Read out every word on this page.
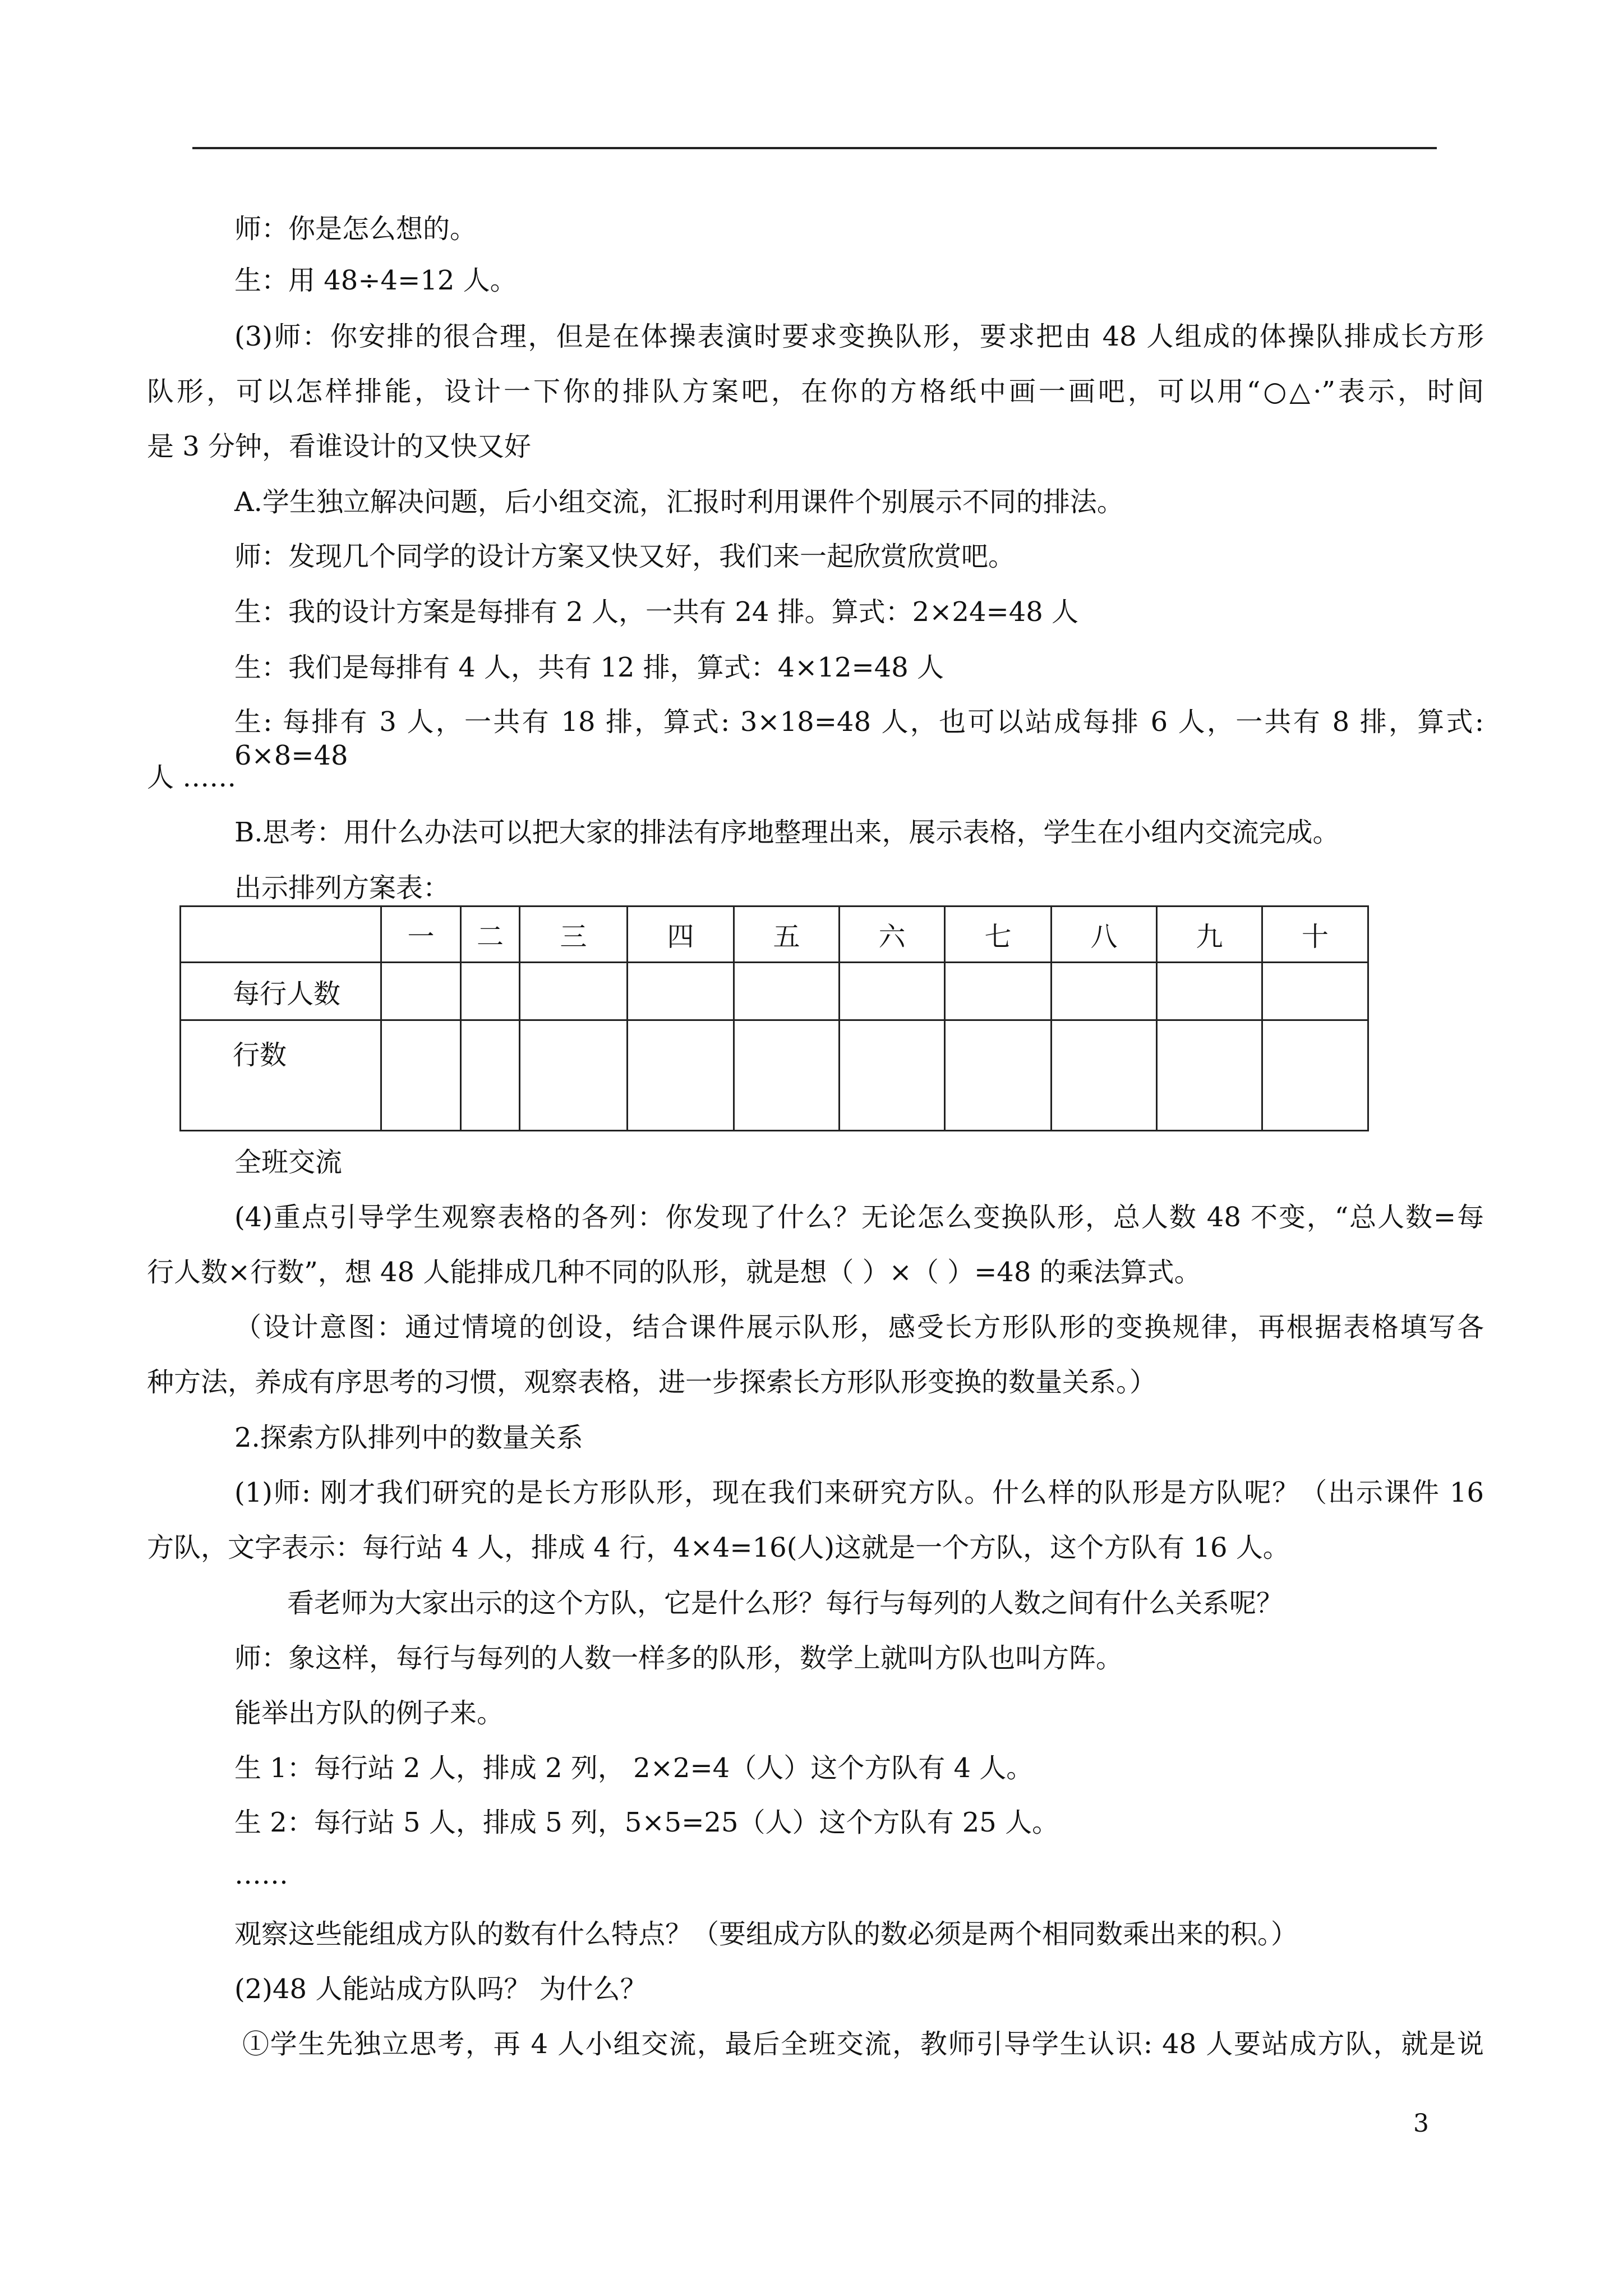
师：你是怎么想的。
生：用 48÷4=12 人。
(3)师：你安排的很合理，但是在体操表演时要求变换队形，要求把由 48 人组成的体操队排成长方形
队形，可以怎样排能，设计一下你的排队方案吧，在你的方格纸中画一画吧，可以用“○△·”表示，时间
是 3 分钟，看谁设计的又快又好
A.学生独立解决问题，后小组交流，汇报时利用课件个别展示不同的排法。
师：发现几个同学的设计方案又快又好，我们来一起欣赏欣赏吧。
生：我的设计方案是每排有 2 人，一共有 24 排。算式：2×24=48 人
生：我们是每排有 4 人，共有 12 排，算式：4×12=48 人
生: 每排有 3 人，一共有 18 排，算式: 3×18=48 人，也可以站成每排 6 人，一共有 8 排，算式: 6×8=48
人 ……
B.思考：用什么办法可以把大家的排法有序地整理出来，展示表格，学生在小组内交流完成。
出示排列方案表：
	一	二	三	四	五	六	七	八	九	十
每行人数										
行数										
全班交流
(4)重点引导学生观察表格的各列：你发现了什么？无论怎么变换队形，总人数 48 不变，“总人数=每
行人数×行数”，想 48 人能排成几种不同的队形，就是想（ ）×（ ）=48 的乘法算式。
（设计意图：通过情境的创设，结合课件展示队形，感受长方形队形的变换规律，再根据表格填写各
种方法，养成有序思考的习惯，观察表格，进一步探索长方形队形变换的数量关系。）
2.探索方队排列中的数量关系
(1)师: 刚才我们研究的是长方形队形，现在我们来研究方队。什么样的队形是方队呢？（出示课件 16
方队，文字表示：每行站 4 人，排成 4 行，4×4=16(人)这就是一个方队，这个方队有 16 人。
看老师为大家出示的这个方队，它是什么形？每行与每列的人数之间有什么关系呢？
师：象这样，每行与每列的人数一样多的队形，数学上就叫方队也叫方阵。
能举出方队的例子来。
生 1：每行站 2 人，排成 2 列， 2×2=4（人）这个方队有 4 人。
生 2：每行站 5 人，排成 5 列，5×5=25（人）这个方队有 25 人。
……
观察这些能组成方队的数有什么特点？（要组成方队的数必须是两个相同数乘出来的积。）
(2)48 人能站成方队吗？ 为什么？
①学生先独立思考，再 4 人小组交流，最后全班交流，教师引导学生认识: 48 人要站成方队，就是说
3
